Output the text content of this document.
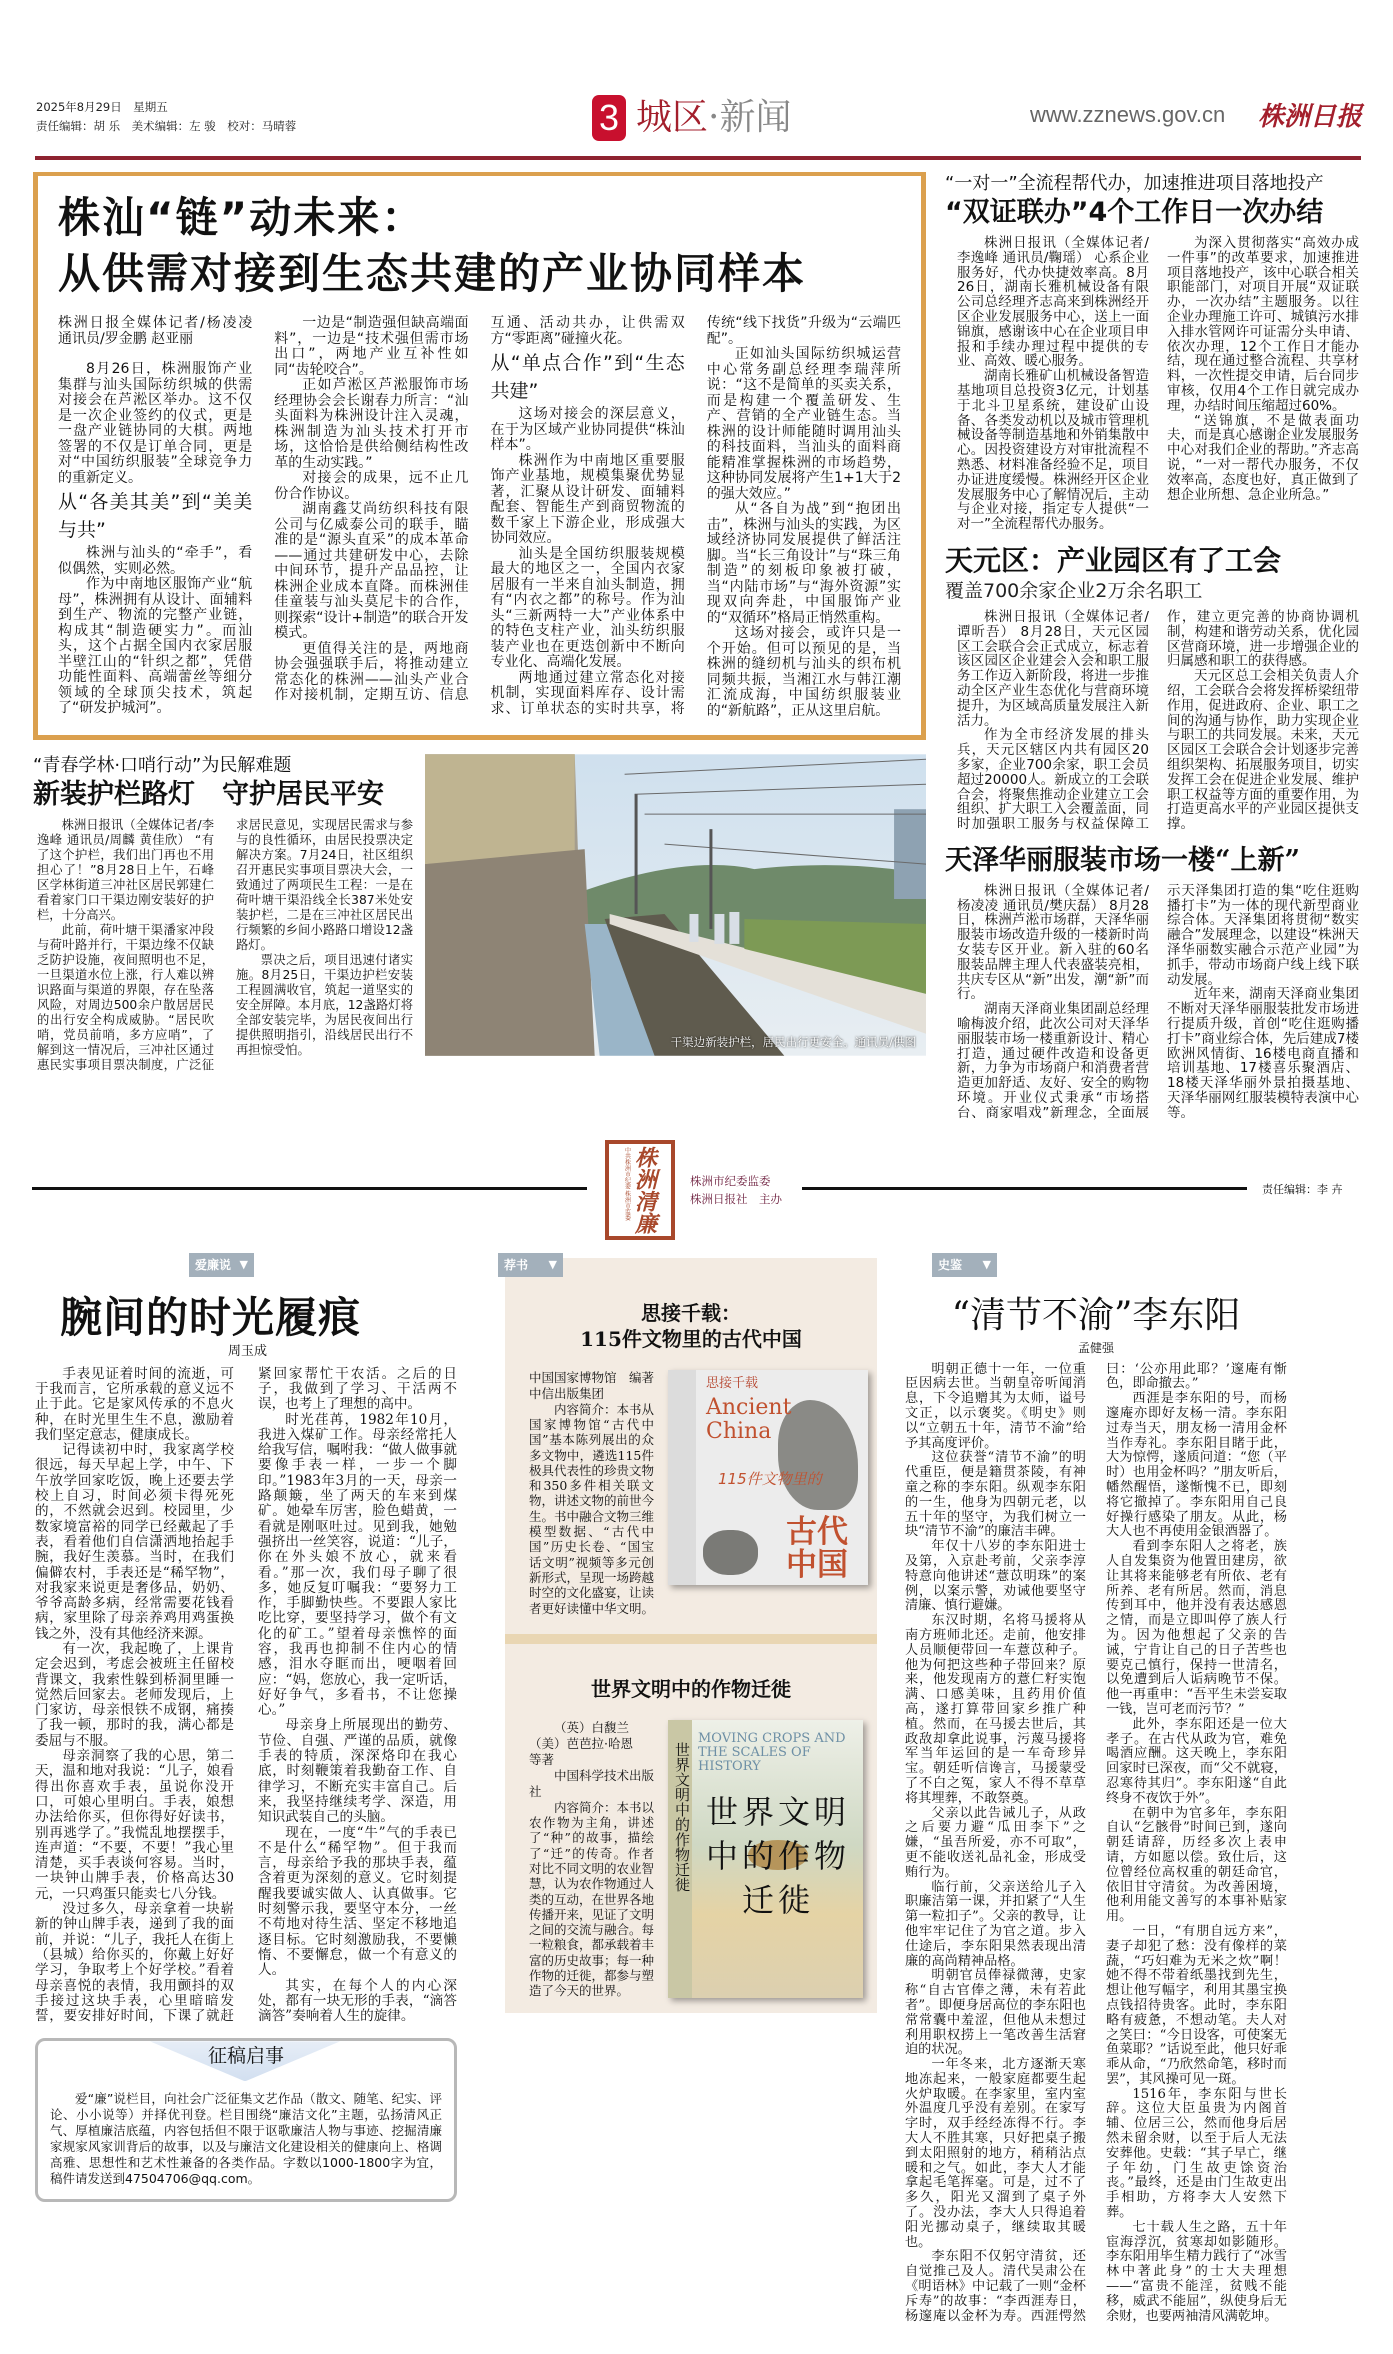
2025年8月29日　星期五
责任编辑：胡 乐　美术编辑：左 骏　校对：马晴蓉	3 城区·新闻	www.zznews.gov.cn 株洲日报
株汕“链”动未来：
从供需对接到生态共建的产业协同样本

株洲日报全媒体记者/杨凌凌　通讯员/罗金鹏 赵亚丽

8月26日，株洲服饰产业集群与汕头国际纺织城的供需对接会在芦淞区举办。这不仅是一次企业签约的仪式，更是一盘产业链协同的大棋。两地签署的不仅是订单合同，更是对“中国纺织服装”全球竞争力的重新定义。

从“各美其美”到“美美与共”

株洲与汕头的“牵手”，看似偶然，实则必然。

作为中南地区服饰产业“航母”，株洲拥有从设计、面辅料到生产、物流的完整产业链，构成其“制造硬实力”。而汕头，这个占据全国内衣家居服半壁江山的“针织之都”，凭借功能性面料、高端蕾丝等细分领域的全球顶尖技术，筑起了“研发护城河”。

一边是“制造强但缺高端面料”，一边是“技术强但需市场出口”，两地产业互补性如同“齿轮咬合”。

正如芦淞区芦淞服饰市场经理协会会长谢春力所言：“汕头面料为株洲设计注入灵魂，株洲制造为汕头技术打开市场，这恰恰是供给侧结构性改革的生动实践。”

对接会的成果，远不止几份合作协议。

湖南鑫艾尚纺织科技有限公司与亿威泰公司的联手，瞄准的是“源头直采”的成本革命——通过共建研发中心，去除中间环节，提升产品品控，让株洲企业成本直降。而株洲佳佳童装与汕头莫尼卡的合作，则探索“设计+制造”的联合开发模式。

更值得关注的是，两地商协会强强联手后，将推动建立常态化的株洲——汕头产业合作对接机制，定期互访、信息互通、活动共办，让供需双方“零距离”碰撞火花。

从“单点合作”到“生态共建”

这场对接会的深层意义，在于为区域产业协同提供“株汕样本”。

株洲作为中南地区重要服饰产业基地，规模集聚优势显著，汇聚从设计研发、面辅料配套、智能生产到商贸物流的数千家上下游企业，形成强大协同效应。

汕头是全国纺织服装规模最大的地区之一，全国内衣家居服有一半来自汕头制造，拥有“内衣之都”的称号。作为汕头“三新两特一大”产业体系中的特色支柱产业，汕头纺织服装产业也在更迭创新中不断向专业化、高端化发展。

两地通过建立常态化对接机制，实现面料库存、设计需求、订单状态的实时共享，将传统“线下找货”升级为“云端匹配”。

正如汕头国际纺织城运营中心常务副总经理李瑞萍所说：“这不是简单的买卖关系，而是构建一个覆盖研发、生产、营销的全产业链生态。当株洲的设计师能随时调用汕头的科技面料，当汕头的面料商能精准掌握株洲的市场趋势，这种协同发展将产生1+1大于2的强大效应。”

从“各自为战”到“抱团出击”，株洲与汕头的实践，为区域经济协同发展提供了鲜活注脚。当“长三角设计”与“珠三角制造”的刻板印象被打破，当“内陆市场”与“海外资源”实现双向奔赴，中国服饰产业的“双循环”格局正悄然重构。

这场对接会，或许只是一个开始。但可以预见的是，当株洲的缝纫机与汕头的织布机同频共振，当湘江水与韩江潮汇流成海，中国纺织服装业的“新航路”，正从这里启航。

“青春学林·口哨行动”为民解难题
新装护栏路灯　守护居民平安

株洲日报讯（全媒体记者/李逸峰 通讯员/周麟 黄佳欣） “有了这个护栏，我们出门再也不用担心了！”8月28日上午，石峰区学林街道三冲社区居民郭建仁看着家门口干渠边刚安装好的护栏，十分高兴。

此前，荷叶塘干渠潘家冲段与荷叶路并行，干渠边缘不仅缺乏防护设施，夜间照明也不足，一旦渠道水位上涨，行人难以辨识路面与渠道的界限，存在坠落风险，对周边500余户散居居民的出行安全构成威胁。“居民吹哨，党员前哨，多方应哨”，了解到这一情况后，三冲社区通过惠民实事项目票决制度，广泛征求居民意见，实现居民需求与参与的良性循环，由居民投票决定解决方案。7月24日，社区组织召开惠民实事项目票决大会，一致通过了两项民生工程：一是在荷叶塘干渠沿线全长387米处安装护栏，二是在三冲社区居民出行频繁的乡间小路路口增设12盏路灯。

票决之后，项目迅速付诸实施。8月25日，干渠边护栏安装工程圆满收官，筑起一道坚实的安全屏障。本月底，12盏路灯将全部安装完毕，为居民夜间出行提供照明指引，沿线居民出行不再担惊受怕。

干渠边新装护栏，居民出行更安全。通讯员/供图
“一对一”全流程帮代办，加速推进项目落地投产
“双证联办”4个工作日一次办结

株洲日报讯（全媒体记者/李逸峰 通讯员/鞠瑶） 心系企业服务好，代办快捷效率高。8月26日，湖南长雅机械设备有限公司总经理齐志高来到株洲经开区企业发展服务中心，送上一面锦旗，感谢该中心在企业项目申报和手续办理过程中提供的专业、高效、暖心服务。

湖南长雅矿山机械设备智造基地项目总投资3亿元，计划基于北斗卫星系统，建设矿山设备、各类发动机以及城市管理机械设备等制造基地和外销集散中心。因投资建设方对审批流程不熟悉、材料准备经验不足，项目办证进度缓慢。株洲经开区企业发展服务中心了解情况后，主动与企业对接，指定专人提供“一对一”全流程帮代办服务。

为深入贯彻落实“高效办成一件事”的改革要求，加速推进项目落地投产，该中心联合相关职能部门，对项目开展“双证联办，一次办结”主题服务。以往企业办理施工许可、城镇污水排入排水管网许可证需分头申请、依次办理，12个工作日才能办结，现在通过整合流程、共享材料，一次性提交申请，后台同步审核，仅用4个工作日就完成办理，办结时间压缩超过60%。

“送锦旗，不是做表面功夫，而是真心感谢企业发展服务中心对我们企业的帮助。”齐志高说，“一对一帮代办服务，不仅效率高，态度也好，真正做到了想企业所想、急企业所急。”

天元区：产业园区有了工会
覆盖700余家企业2万余名职工

株洲日报讯（全媒体记者/谭昕吾） 8月28日，天元区园区工会联合会正式成立，标志着该区园区企业建会入会和职工服务工作迈入新阶段，将进一步推动全区产业生态优化与营商环境提升，为区域高质量发展注入新活力。

作为全市经济发展的排头兵，天元区辖区内共有园区20多家，企业700余家，职工会员超过20000人。新成立的工会联合会，将聚焦推动企业建立工会组织、扩大职工入会覆盖面，同时加强职工服务与权益保障工作，建立更完善的协商协调机制，构建和谐劳动关系，优化园区营商环境，进一步增强企业的归属感和职工的获得感。

天元区总工会相关负责人介绍，工会联合会将发挥桥梁纽带作用，促进政府、企业、职工之间的沟通与协作，助力实现企业与职工的共同发展。未来，天元区园区工会联合会计划逐步完善组织架构、拓展服务项目，切实发挥工会在促进企业发展、维护职工权益等方面的重要作用，为打造更高水平的产业园区提供支撑。

天泽华丽服装市场一楼“上新”

株洲日报讯（全媒体记者/杨凌凌 通讯员/樊庆磊） 8月28日，株洲芦淞市场群，天泽华丽服装市场改造升级的一楼新时尚女装专区开业。新入驻的60名服装品牌主理人代表盛装亮相，共庆专区从“新”出发，潮“新”而行。

湖南天泽商业集团副总经理喻梅波介绍，此次公司对天泽华丽服装市场一楼重新设计、精心打造，通过硬件改造和设备更新，力争为市场商户和消费者营造更加舒适、友好、安全的购物环境。开业仪式秉承“市场搭台、商家唱戏”新理念，全面展示天泽集团打造的集“吃住逛购播打卡”为一体的现代新型商业综合体。天泽集团将贯彻“数实融合”发展理念，以建设“株洲天泽华丽数实融合示范产业园”为抓手，带动市场商户线上线下联动发展。

近年来，湖南天泽商业集团不断对天泽华丽服装批发市场进行提质升级，首创“吃住逛购播打卡”商业综合体，先后建成7楼欧洲风情街、16楼电商直播和培训基地、17楼喜乐聚酒店、18楼天泽华丽外景拍摄基地、天泽华丽网红服装模特表演中心等。

中共株洲市纪委 株洲市监委 株洲清廉	株洲市纪委监委
株洲日报社　主办
责任编辑：李 卉
爱廉说 ▼
腕间的时光履痕
周玉成

手表见证着时间的流逝，可于我而言，它所承载的意义远不止于此。它是家风传承的不息火种，在时光里生生不息，激励着我们坚定意志，健康成长。

记得读初中时，我家离学校很远，每天早起上学，中午、下午放学回家吃饭，晚上还要去学校上自习，时间必须卡得死死的，不然就会迟到。校园里，少数家境富裕的同学已经戴起了手表，看着他们自信潇洒地抬起手腕，我好生羡慕。当时，在我们偏僻农村，手表还是“稀罕物”，对我家来说更是奢侈品，奶奶、爷爷高龄多病，经常需要花钱看病，家里除了母亲养鸡用鸡蛋换钱之外，没有其他经济来源。

有一次，我起晚了，上课肯定会迟到，考虑会被班主任留校背课文，我索性躲到桥洞里睡一觉然后回家去。老师发现后，上门家访，母亲恨铁不成钢，痛揍了我一顿，那时的我，满心都是委屈与不服。

母亲洞察了我的心思，第二天，温和地对我说：“儿子，娘看得出你喜欢手表，虽说你没开口，可娘心里明白。手表，娘想办法给你买，但你得好好读书，别再逃学了。”我慌乱地摆摆手，连声道：“不要，不要！”我心里清楚，买手表谈何容易。当时，一块钟山牌手表，价格高达30元，一只鸡蛋只能卖七八分钱。

没过多久，母亲拿着一块崭新的钟山牌手表，递到了我的面前，并说：“儿子，我托人在街上（县城）给你买的，你戴上好好学习，争取考上个好学校。”看着母亲喜悦的表情，我用颤抖的双手接过这块手表，心里暗暗发誓，要安排好时间，下课了就赶紧回家帮忙干农活。之后的日子，我做到了学习、干活两不误，也考上了理想的高中。

时光荏苒，1982年10月，我进入煤矿工作。母亲经常托人给我写信，嘱咐我：“做人做事就要像手表一样，一步一个脚印。”1983年3月的一天，母亲一路颠簸，坐了两天的车来到煤矿。她晕车厉害，脸色蜡黄，一看就是刚呕吐过。见到我，她勉强挤出一丝笑容，说道：“儿子，你在外头娘不放心，就来看看。”那一次，我们母子聊了很多，她反复叮嘱我：“要努力工作，手脚勤快些。不要跟人家比吃比穿，要坚持学习，做个有文化的矿工。”望着母亲憔悴的面容，我再也抑制不住内心的情感，泪水夺眶而出，哽咽着回应：“妈，您放心，我一定听话，好好争气，多看书，不让您操心。”

母亲身上所展现出的勤劳、节俭、自强、严谨的品质，就像手表的特质，深深烙印在我心底，时刻鞭策着我勤奋工作、自律学习，不断充实丰富自己。后来，我坚持继续考学、深造，用知识武装自己的头脑。

现在，一度“牛”气的手表已不是什么“稀罕物”。但于我而言，母亲给予我的那块手表，蕴含着更为深刻的意义。它时刻提醒我要诚实做人、认真做事。它时刻警示我，要坚守本分，一丝不苟地对待生活、坚定不移地追逐目标。它时刻激励我，不要懒惰、不要懈怠，做一个有意义的人。

其实，在每个人的内心深处，都有一块无形的手表，“滴答滴答”奏响着人生的旋律。

征稿启事

爱“廉”说栏目，向社会广泛征集文艺作品（散文、随笔、纪实、评论、小小说等）并择优刊登。栏目围绕“廉洁文化”主题，弘扬清风正气、厚植廉洁底蕴，内容包括但不限于讴歌廉洁人物与事迹、挖掘清廉家规家风家训背后的故事，以及与廉洁文化建设相关的健康向上、格调高雅、思想性和艺术性兼备的各类作品。字数以1000-1800字为宜，稿件请发送到47504706@qq.com。

荐书 ▼
思接千载：
115件文物里的古代中国
中国国家博物馆　编著
中信出版集团

内容简介：本书从国家博物馆“古代中国”基本陈列展出的众多文物中，遴选115件极具代表性的珍贵文物和350多件相关联文物，讲述文物的前世今生。书中融合文物三维模型数据、“古代中国”历史长卷、“国宝话文明”视频等多元创新形式，呈现一场跨越时空的文化盛宴，让读者更好读懂中华文明。

思接千载
Ancient China
115件文物里的
古代中国
世界文明中的作物迁徙
（英）白馥兰（美）芭芭拉·哈恩　等著
中国科学技术出版社

内容简介：本书以农作物为主角，讲述了“种”的故事，描绘了“迁”的传奇。作者对比不同文明的农业智慧，认为农作物通过人类的互动，在世界各地传播开来，见证了文明之间的交流与融合。每一粒粮食，都承载着丰富的历史故事；每一种作物的迁徙，都参与塑造了今天的世界。

世界文明中的作物迁徙
MOVING CROPS AND THE SCALES OF HISTORY
世界文明中的作物迁徙
史鉴 ▼
“清节不渝”李东阳
孟健强

明朝正德十一年，一位重臣因病去世。当朝皇帝听闻消息，下令追赠其为太师，谥号文正，以示褒奖。《明史》则以“立朝五十年，清节不渝”给予其高度评价。

这位获誉“清节不渝”的明代重臣，便是籍贯茶陵，有神童之称的李东阳。纵观李东阳的一生，他身为四朝元老，以五十年的坚守，为我们树立一块“清节不渝”的廉洁丰碑。

年仅十八岁的李东阳进士及第，入京赴考前，父亲李淳特意向他讲述“薏苡明珠”的案例，以案示警，劝诫他要坚守清廉、慎行避嫌。

东汉时期，名将马援将从南方班师北还。走前，他安排人员顺便带回一车薏苡种子。他为何把这些种子带回来？原来，他发现南方的薏仁籽实饱满、口感美味，且药用价值高，遂打算带回家乡推广种植。然而，在马援去世后，其政敌却拿此说事，污蔑马援将军当年运回的是一车奇珍异宝。朝廷听信谗言，马援蒙受了不白之冤，家人不得不草草将其埋葬，不敢祭奠。

父亲以此告诫儿子，从政之后要力避“瓜田李下”之嫌，“虽吾所爱，亦不可取”，更不能收送礼品礼金，形成受贿行为。

临行前，父亲送给儿子入职廉洁第一课，并扣紧了“人生第一粒扣子”。父亲的教导，让他牢牢记住了为官之道。步入仕途后，李东阳果然表现出清廉的高尚精神品格。

明朝官员俸禄微薄，史家称“自古官俸之薄，未有若此者”。即便身居高位的李东阳也常常囊中羞涩，但他从未想过利用职权捞上一笔改善生活窘迫的状况。

一年冬来，北方逐渐天寒地冻起来，一般家庭都要生起火炉取暖。在李家里，室内室外温度几乎没有差别。在家写字时，双手经经冻得不行。李大人不胜其寒，只好把桌子搬到太阳照射的地方，稍稍沾点暖和之气。如此，李大人才能拿起毛笔挥毫。可是，过不了多久，阳光又溜到了桌子外了。没办法，李大人只得追着阳光挪动桌子，继续取其暖也。

李东阳不仅躬守清贫，还自觉推己及人。清代吴肃公在《明语林》中记载了一则“金杯斥寿”的故事：“李西涯寿日，杨邃庵以金杯为寿。西涯愕然曰：‘公亦用此耶？’邃庵有惭色，即命撤去。”

西涯是李东阳的号，而杨邃庵亦即好友杨一清。李东阳过寿当天，朋友杨一清用金杯当作寿礼。李东阳目睹于此，大为惊愕，遂质问道：“您（平时）也用金杯吗？”朋友听后，幡然醒悟，遂惭愧不已，即刻将它撤掉了。李东阳用自己良好操行感染了朋友。从此，杨大人也不再使用金银酒器了。

看到李东阳人之将老，族人自发集资为他置田建房，欲让其将来能够老有所依、老有所养、老有所居。然而，消息传到耳中，他并没有表达感恩之情，而是立即叫停了族人行为。因为他想起了父亲的告诫，宁肯让自己的日子苦些也要克己慎行，保持一世清名，以免遭到后人诟病晚节不保。他一再重申：“吾平生未尝妄取一钱，岂可老而污节？”

此外，李东阳还是一位大孝子。在古代从政为官，难免喝酒应酬。这天晚上，李东阳回家时已深夜，而“父不就寝，忍寒待其归”。李东阳遂“自此终身不夜饮于外”。

在朝中为官多年，李东阳自认“乞骸骨”时间已到，遂向朝廷请辞，历经多次上表申请，方如愿以偿。致仕后，这位曾经位高权重的朝廷命官，依旧甘守清贫。为改善困境，他利用能文善写的本事补贴家用。

一日，“有朋自远方来”，妻子却犯了愁：没有像样的菜蔬，“巧妇难为无米之炊”啊！她不得不带着纸墨找到先生，想让他写幅字，利用其墨宝换点钱招待贵客。此时，李东阳略有疲惫，不想动笔。夫人对之笑曰：“今日设客，可使案无鱼菜耶？”话说至此，他只好乖乖从命，“乃欣然命笔，移时而罢”，其风操可见一斑。

1516年，李东阳与世长辞。这位大臣虽贵为内阁首辅、位居三公，然而他身后居然未留余财，以至于后人无法安葬他。史载：“其子早亡，继子年幼，门生故吏馀资治丧。”最终，还是由门生故吏出手相助，方将李大人安然下葬。

七十载人生之路，五十年宦海浮沉，贫寒却如影随形。李东阳用毕生精力践行了“冰雪林中著此身”的士大夫理想——“富贵不能淫，贫贱不能移，威武不能屈”，纵使身后无余财，也要两袖清风满乾坤。
